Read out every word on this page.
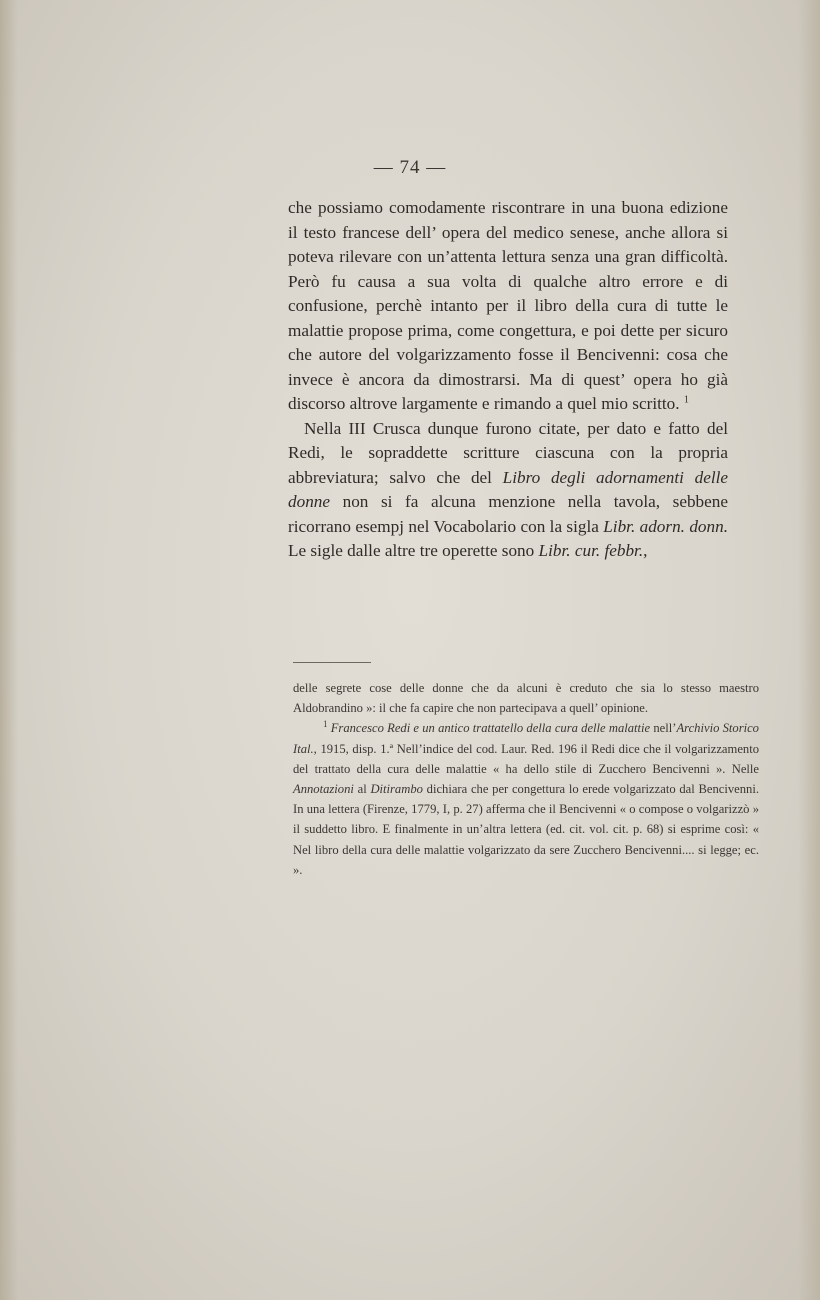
— 74 —

che possiamo comodamente riscontrare in una buona edizione il testo francese dell’ opera del medico senese, anche allora si poteva rilevare con un’attenta lettura senza una gran difficoltà. Però fu causa a sua volta di qualche altro errore e di confusione, perchè intanto per il libro della cura di tutte le malattie propose prima, come congettura, e poi dette per sicuro che autore del volgarizzamento fosse il Bencivenni: cosa che invece è ancora da dimostrarsi. Ma di quest’ opera ho già discorso altrove largamente e rimando a quel mio scritto. $^1$

Nella III Crusca dunque furono citate, per dato e fatto del Redi, le sopraddette scritture ciascuna con la propria abbreviatura; salvo che del Libro degli adornamenti delle donne non si fa alcuna menzione nella tavola, sebbene ricorrano esempj nel Vocabolario con la sigla Libr. adorn. donn. Le sigle dalle altre tre operette sono Libr. cur. febbr.,

delle segrete cose delle donne che da alcuni è creduto che sia lo stesso maestro Aldobrandino »: il che fa capire che non partecipava a quell’ opinione.

$^1$ Francesco Redi e un antico trattatello della cura delle malattie nell’Archivio Storico Ital., 1915, disp. 1.ª Nell’indice del cod. Laur. Red. 196 il Redi dice che il volgarizzamento del trattato della cura delle malattie « ha dello stile di Zucchero Bencivenni ». Nelle Annotazioni al Ditirambo dichiara che per congettura lo erede volgarizzato dal Bencivenni. In una lettera (Firenze, 1779, I, p. 27) afferma che il Bencivenni « o compose o volgarizzò » il suddetto libro. E finalmente in un’altra lettera (ed. cit. vol. cit. p. 68) si esprime così: « Nel libro della cura delle malattie volgarizzato da sere Zucchero Bencivenni.... si legge; ec. ».
